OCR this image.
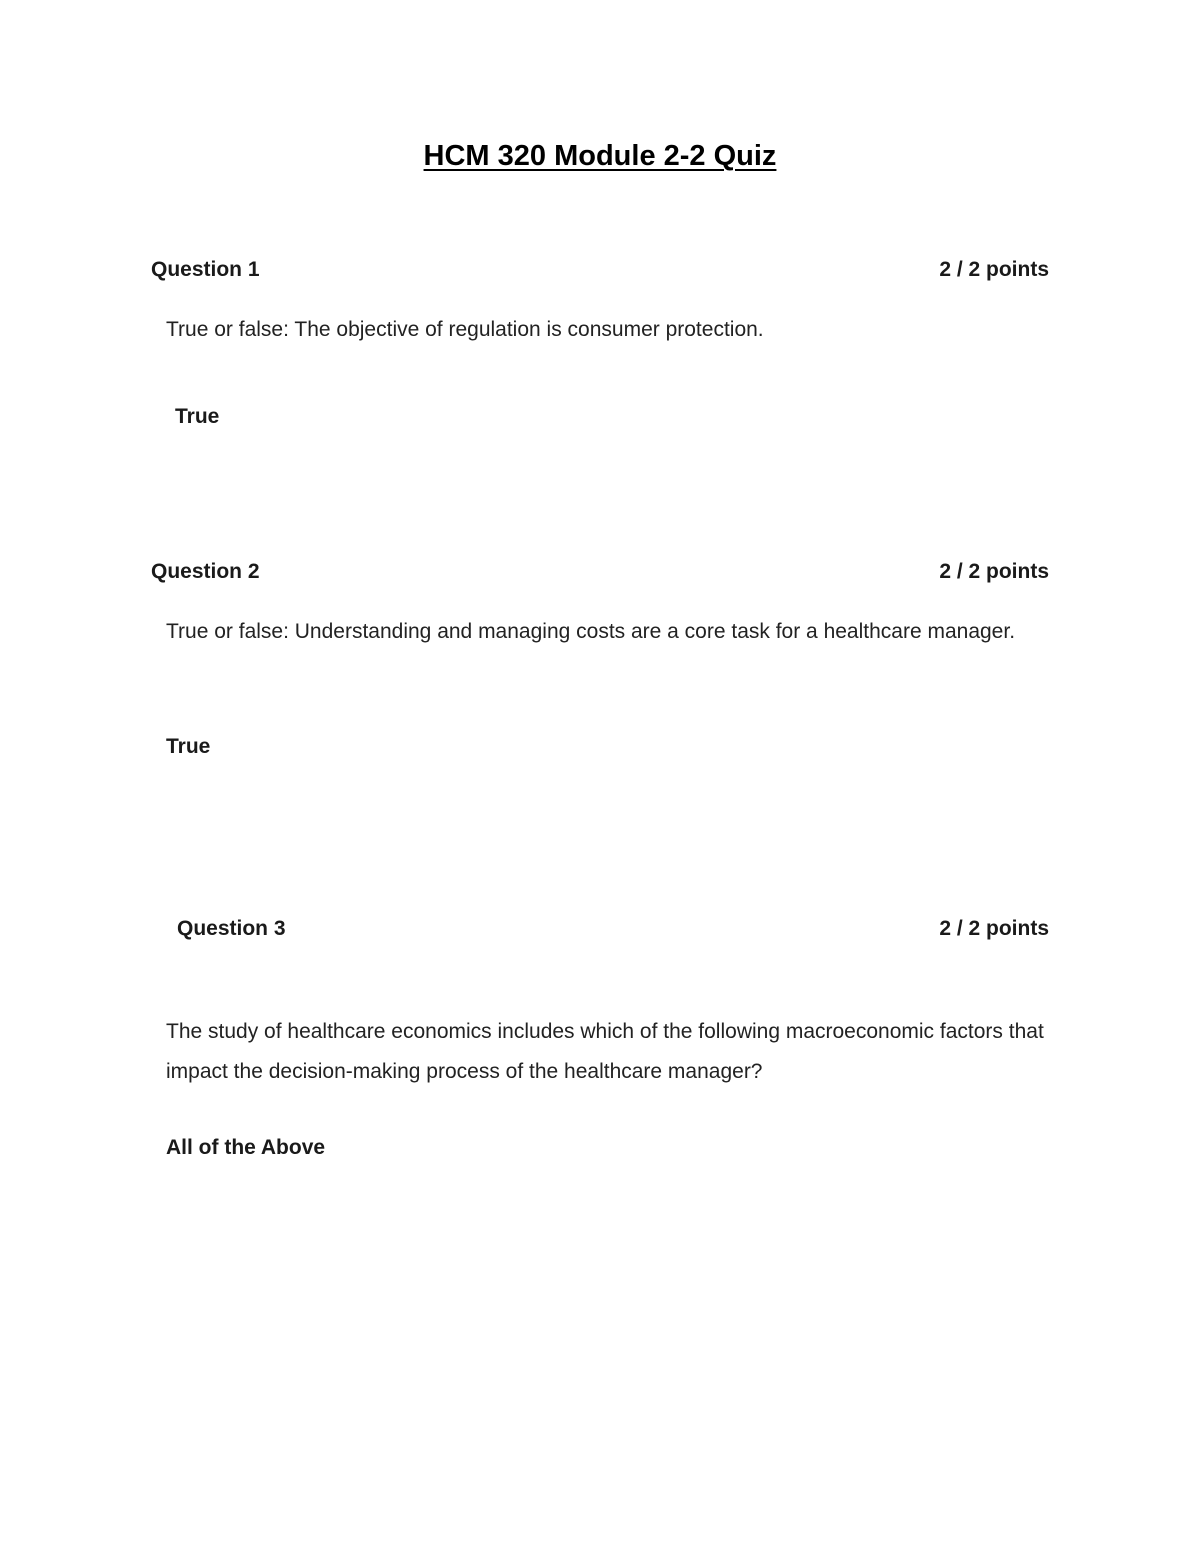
HCM 320 Module 2-2 Quiz
Question 1	2 / 2 points
True or false: The objective of regulation is consumer protection.
True
Question 2	2 / 2 points
True or false: Understanding and managing costs are a core task for a healthcare manager.
True
Question 3	2 / 2 points
The study of healthcare economics includes which of the following macroeconomic factors that impact the decision-making process of the healthcare manager?
All of the Above
